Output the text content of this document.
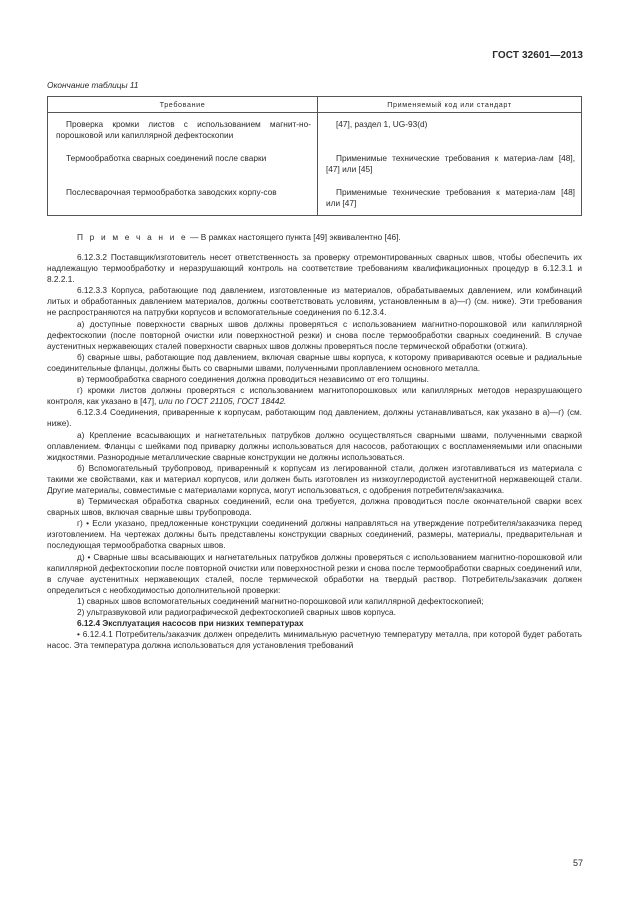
ГОСТ 32601—2013
Окончание таблицы 11
Требование	Применяемый код или стандарт
Проверка кромки листов с использованием магнит-но-порошковой или капиллярной дефектоскопии	[47], раздел 1, UG-93(d)
Термообработка сварных соединений после сварки	Применимые технические требования к материа-лам [48], [47] или [45]
Послесварочная термообработка заводских корпу-сов	Применимые технические требования к материа-лам [48] или [47]
П р и м е ч а н и е — В рамках настоящего пункта [49] эквивалентно [46].

6.12.3.2 Поставщик/изготовитель несет ответственность за проверку отремонтированных сварных швов, чтобы обеспечить их надлежащую термообработку и неразрушающий контроль на соответствие требованиям квалификационных процедур в 6.12.3.1 и 8.2.2.1.

6.12.3.3 Корпуса, работающие под давлением, изготовленные из материалов, обрабатываемых давлением, или комбинаций литых и обработанных давлением материалов, должны соответствовать условиям, установленным в а)—г) (см. ниже). Эти требования не распространяются на патрубки корпусов и вспомогательные соединения по 6.12.3.4.

а) доступные поверхности сварных швов должны проверяться с использованием магнитно-порошковой или капиллярной дефектоскопии (после повторной очистки или поверхностной резки) и снова после термообработки сварных соединений. В случае аустенитных нержавеющих сталей поверхности сварных швов должны проверяться после термической обработки (отжига).

б) сварные швы, работающие под давлением, включая сварные швы корпуса, к которому привариваются осевые и радиальные соединительные фланцы, должны быть со сварными швами, полученными проплавлением основного металла.

в) термообработка сварного соединения должна проводиться независимо от его толщины.

г) кромки листов должны проверяться с использованием магнитопорошковых или капиллярных методов неразрушающего контроля, как указано в [47], или по ГОСТ 21105, ГОСТ 18442.

6.12.3.4 Соединения, приваренные к корпусам, работающим под давлением, должны устанавливаться, как указано в а)—г) (см. ниже).

а) Крепление всасывающих и нагнетательных патрубков должно осуществляться сварными швами, полученными сваркой оплавлением. Фланцы с шейками под приварку должны использоваться для насосов, работающих с воспламеняемыми или опасными жидкостями. Разнородные металлические сварные конструкции не должны использоваться.

б) Вспомогательный трубопровод, приваренный к корпусам из легированной стали, должен изготавливаться из материала с такими же свойствами, как и материал корпусов, или должен быть изготовлен из низкоуглеродистой аустенитной нержавеющей стали. Другие материалы, совместимые с материалами корпуса, могут использоваться, с одобрения потребителя/заказчика.

в) Термическая обработка сварных соединений, если она требуется, должна проводиться после окончательной сварки всех сварных швов, включая сварные швы трубопровода.

г) • Если указано, предложенные конструкции соединений должны направляться на утверждение потребителя/заказчика перед изготовлением. На чертежах должны быть представлены конструкции сварных соединений, размеры, материалы, предварительная и последующая термообработка сварных швов.

д) • Сварные швы всасывающих и нагнетательных патрубков должны проверяться с использованием магнитно-порошковой или капиллярной дефектоскопии после повторной очистки или поверхностной резки и снова после термообработки сварных соединений или, в случае аустенитных нержавеющих сталей, после термической обработки на твердый раствор. Потребитель/заказчик должен определиться с необходимостью дополнительной проверки:

1) сварных швов вспомогательных соединений магнитно-порошковой или капиллярной дефектоскопией;

2) ультразвуковой или радиографической дефектоскопией сварных швов корпуса.

6.12.4 Эксплуатация насосов при низких температурах

• 6.12.4.1 Потребитель/заказчик должен определить минимальную расчетную температуру металла, при которой будет работать насос. Эта температура должна использоваться для установления требований

57
